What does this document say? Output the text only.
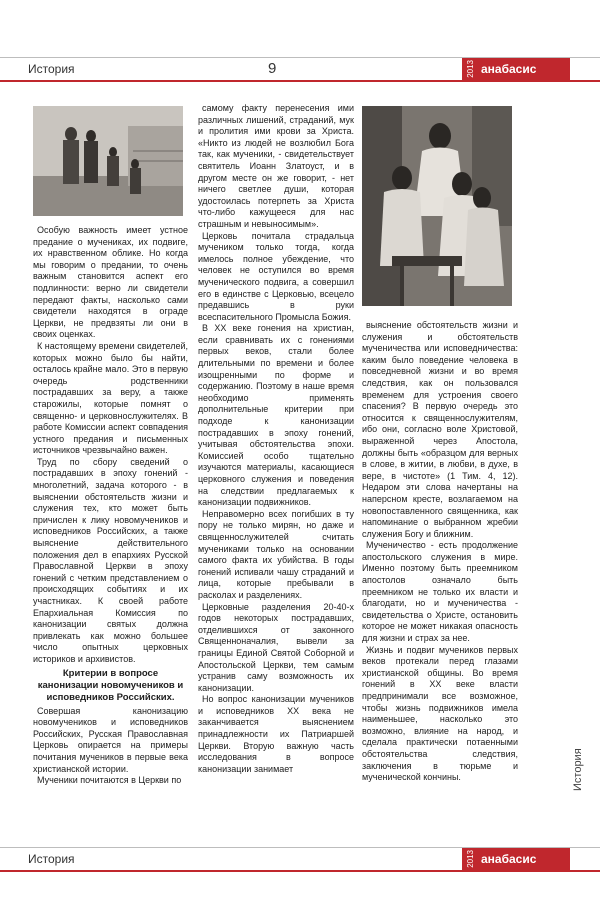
История	9	2013 анабасис

Особую важность имеет устное предание о мучениках, их подвиге, их нравственном облике. Но когда мы говорим о предании, то очень важным становится аспект его подлинности: верно ли свидетели передают факты, насколько сами свидетели находятся в ограде Церкви, не предвзяты ли они в своих оценках.

К настоящему времени свидетелей, которых можно было бы найти, осталось крайне мало. Это в первую очередь родственники пострадавших за веру, а также старожилы, которые помнят о священно- и церковнослужителях. В работе Комиссии аспект совпадения устного предания и письменных источников чрезвычайно важен.

Труд по сбору сведений о пострадавших в эпоху гонений - многолетний, задача которого - в выяснении обстоятельств жизни и служения тех, кто может быть причислен к лику новомучеников и исповедников Российских, а также выяснение действительного положения дел в епархиях Русской Православной Церкви в эпоху гонений с четким представлением о происходящих событиях и их участниках. К своей работе Епархиальная Комиссия по канонизации святых должна привлекать как можно большее число опытных церковных историков и архивистов.

Критерии в вопросе канонизации новомучеников и исповедников Российских.

Совершая канонизацию новомучеников и исповедников Российских, Русская Православная Церковь опирается на примеры почитания мучеников в первые века христианской истории.

Мученики почитаются в Церкви по

самому факту перенесения ими различных лишений, страданий, мук и пролития ими крови за Христа. «Никто из людей не возлюбил Бога так, как мученики, - свидетельствует святитель Иоанн Златоуст, и в другом месте он же говорит, - нет ничего светлее души, которая удостоилась потерпеть за Христа что-либо кажущееся для нас страшным и невыносимым».

Церковь почитала страдальца мучеником только тогда, когда имелось полное убеждение, что человек не оступился во время мученического подвига, а совершил его в единстве с Церковью, всецело предавшись в руки всеспасительного Промысла Божия.

В XX веке гонения на христиан, если сравнивать их с гонениями первых веков, стали более длительными по времени и более изощренными по форме и содержанию. Поэтому в наше время необходимо применять дополнительные критерии при подходе к канонизации пострадавших в эпоху гонений, учитывая обстоятельства эпохи. Комиссией особо тщательно изучаются материалы, касающиеся церковного служения и поведения на следствии предлагаемых к канонизации подвижников.

Неправомерно всех погибших в ту пору не только мирян, но даже и священнослужителей считать мучениками только на основании самого факта их убийства. В годы гонений испивали чашу страданий и лица, которые пребывали в расколах и разделениях.

Церковные разделения 20-40-х годов некоторых пострадавших, отделившихся от законного Священноначалия, вывели за границы Единой Святой Соборной и Апостольской Церкви, тем самым устранив саму возможность их канонизации.

Но вопрос канонизации мучеников и исповедников XX века не заканчивается выяснением принадлежности их Патриаршей Церкви. Вторую важную часть исследования в вопросе канонизации занимает

выяснение обстоятельств жизни и служения и обстоятельств мученичества или исповедничества: каким было поведение человека в повседневной жизни и во время следствия, как он пользовался временем для устроения своего спасения? В первую очередь это относится к священнослужителям, ибо они, согласно воле Христовой, выраженной через Апостола, должны быть «образцом для верных в слове, в житии, в любви, в духе, в вере, в чистоте» (1 Тим. 4, 12). Недаром эти слова начертаны на наперсном кресте, возлагаемом на новопоставленного священника, как напоминание о выбранном жребии служения Богу и ближним.

Мученичество - есть продолжение апостольского служения в мире. Именно поэтому быть преемником апостолов означало быть преемником не только их власти и благодати, но и мученичества - свидетельства о Христе, остановить которое не может никакая опасность для жизни и страх за нее.

Жизнь и подвиг мучеников первых веков протекали перед глазами христианской общины. Во время гонений в XX веке власти предпринимали все возможное, чтобы жизнь подвижников имела наименьшее, насколько это возможно, влияние на народ, и сделала практически потаенными обстоятельства следствия, заключения в тюрьме и мученической кончины.	История
История	2013 анабасис
